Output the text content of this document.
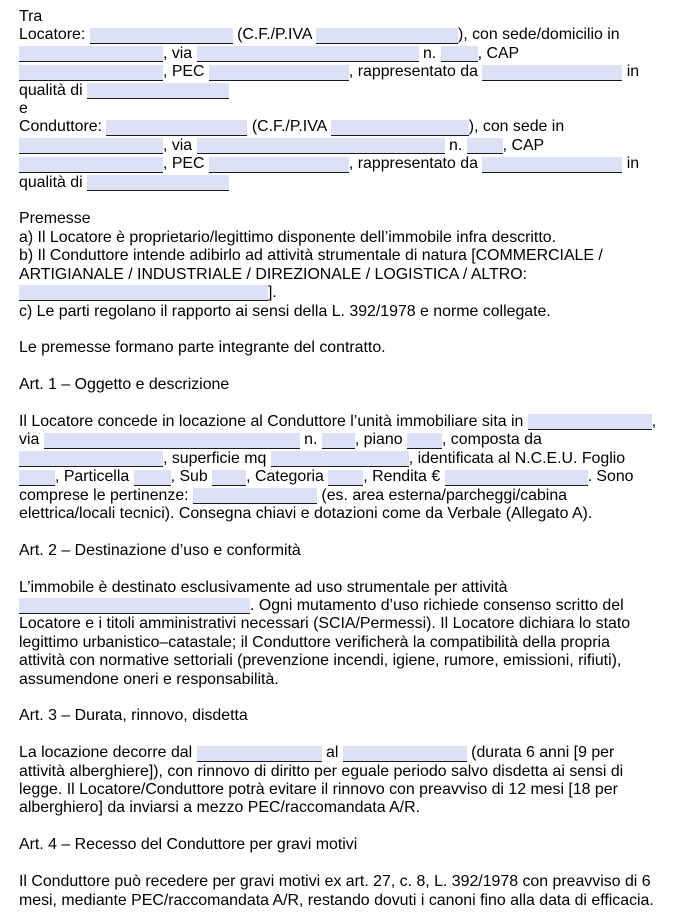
Tra
Locatore:	(C.F./P.IVA	), con sede/domicilio in
, via	n. , CAP
, PEC	, rappresentato da	in
qualità di
e
Conduttore:	(C.F./P.IVA	), con sede in
, via	n. , CAP
, PEC	, rappresentato da	in
qualità di
Premesse
a) Il Locatore è proprietario/legittimo disponente dell’immobile infra descritto.
b) Il Conduttore intende adibirlo ad attività strumentale di natura [COMMERCIALE /
ARTIGIANALE / INDUSTRIALE / DIREZIONALE / LOGISTICA / ALTRO:
].
c) Le parti regolano il rapporto ai sensi della L. 392/1978 e norme collegate.
Le premesse formano parte integrante del contratto.
Art. 1 – Oggetto e descrizione
Il Locatore concede in locazione al Conduttore l’unità immobiliare sita in	,
via	n. , piano , composta da
, superficie mq	, identificata al N.C.E.U. Foglio
, Particella , Sub , Categoria , Rendita €	. Sono
comprese le pertinenze:	(es. area esterna/parcheggi/cabina
elettrica/locali tecnici). Consegna chiavi e dotazioni come da Verbale (Allegato A).
Art. 2 – Destinazione d’uso e conformità
L’immobile è destinato esclusivamente ad uso strumentale per attività
. Ogni mutamento d’uso richiede consenso scritto del
Locatore e i titoli amministrativi necessari (SCIA/Permessi). Il Locatore dichiara lo stato
legittimo urbanistico–catastale; il Conduttore verificherà la compatibilità della propria
attività con normative settoriali (prevenzione incendi, igiene, rumore, emissioni, rifiuti),
assumendone oneri e responsabilità.
Art. 3 – Durata, rinnovo, disdetta
La locazione decorre dal	al	(durata 6 anni [9 per
attività alberghiere]), con rinnovo di diritto per eguale periodo salvo disdetta ai sensi di
legge. Il Locatore/Conduttore potrà evitare il rinnovo con preavviso di 12 mesi [18 per
alberghiero] da inviarsi a mezzo PEC/raccomandata A/R.
Art. 4 – Recesso del Conduttore per gravi motivi
Il Conduttore può recedere per gravi motivi ex art. 27, c. 8, L. 392/1978 con preavviso di 6
mesi, mediante PEC/raccomandata A/R, restando dovuti i canoni fino alla data di efficacia.
